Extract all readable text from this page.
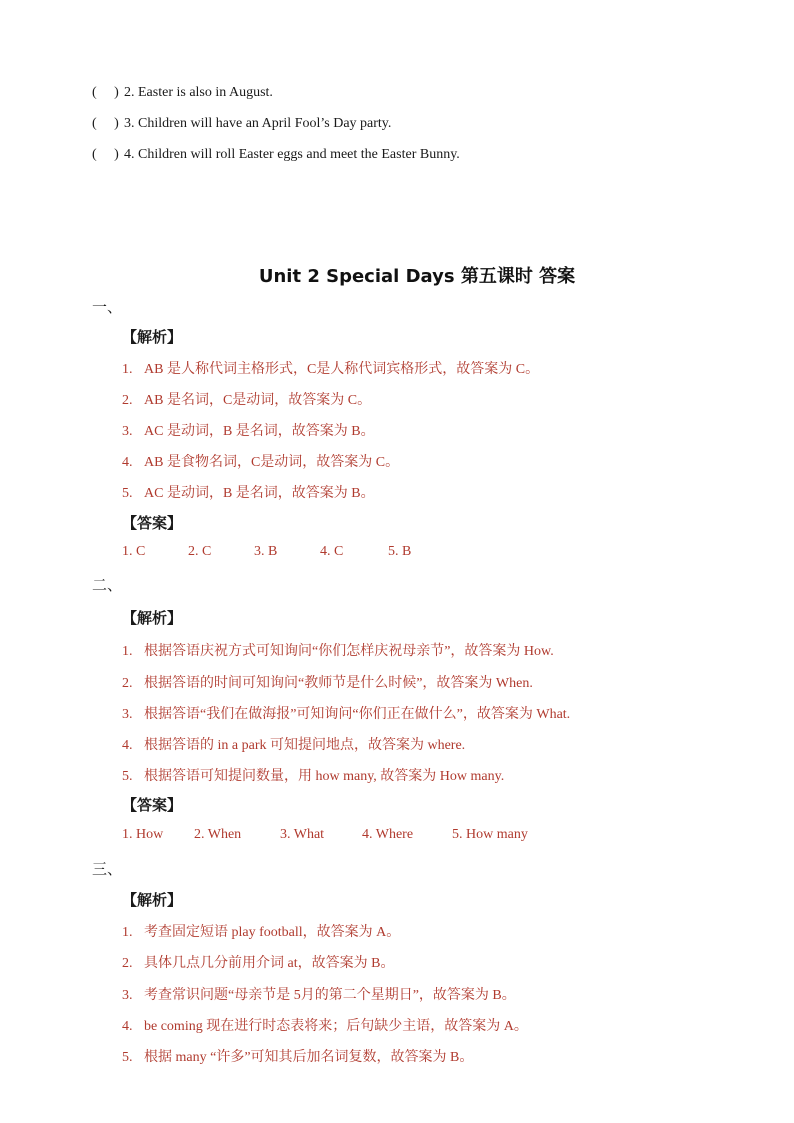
(     ) 2. Easter is also in August.
(     ) 3. Children will have an April Fool’s Day party.
(     ) 4. Children will roll Easter eggs and meet the Easter Bunny.
Unit 2 Special Days 第五课时 答案
一、
【解析】
1. AB 是人称代词主格形式，C是人称代词宾格形式，故答案为 C。
2. AB 是名词，C是动词，故答案为 C。
3. AC 是动词，B 是名词，故答案为 B。
4. AB 是食物名词，C是动词，故答案为 C。
5. AC 是动词，B 是名词，故答案为 B。
【答案】
1. C	2. C	3. B	4. C	5. B
二、
【解析】
1. 根据答语庆祝方式可知询问“你们怎样庆祝母亲节”，故答案为 How.
2. 根据答语的时间可知询问“教师节是什么时候”，故答案为 When.
3. 根据答语“我们在做海报”可知询问“你们正在做什么”，故答案为 What.
4. 根据答语的 in a park 可知提问地点，故答案为 where.
5. 根据答语可知提问数量，用 how many, 故答案为 How many.
【答案】
1. How 2. When	3. What	4. Where	5. How many
三、
【解析】
1. 考查固定短语 play football，故答案为 A。
2. 具体几点几分前用介词 at，故答案为 B。
3. 考查常识问题“母亲节是 5月的第二个星期日”，故答案为 B。
4. be coming 现在进行时态表将来；后句缺少主语，故答案为 A。
5. 根据 many “许多”可知其后加名词复数，故答案为 B。
